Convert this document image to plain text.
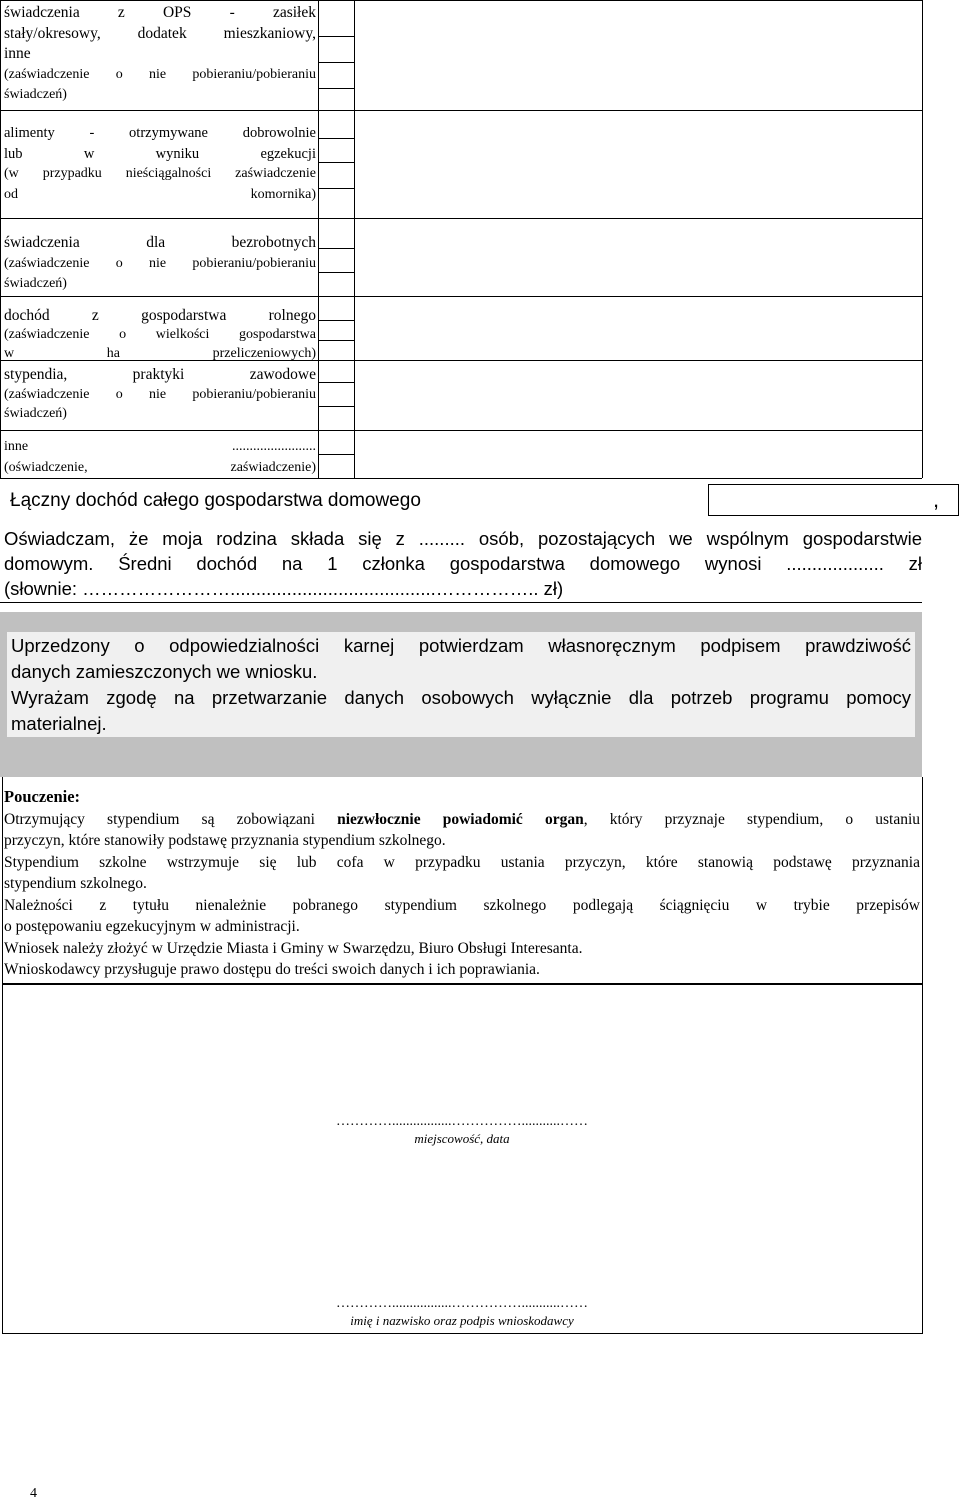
świadczenia z OPS - zasiłek
stały/okresowy, dodatek mieszkaniowy,
inne
(zaświadczenie o nie pobieraniu/pobieraniu
świadczeń)
alimenty - otrzymywane dobrowolnie
lub w wyniku egzekucji
(w przypadku nieściągalności zaświadczenie
od komornika)
świadczenia dla bezrobotnych
(zaświadczenie o nie pobieraniu/pobieraniu
świadczeń)
dochód z gospodarstwa rolnego
(zaświadczenie o wielkości gospodarstwa
w ha przeliczeniowych)
stypendia, praktyki zawodowe
(zaświadczenie o nie pobieraniu/pobieraniu
świadczeń)
inne ........................
(oświadczenie, zaświadczenie)
Łączny dochód całego gospodarstwa domowego	,
Oświadczam, że moja rodzina składa się z ......... osób, pozostających we wspólnym gospodarstwie
domowym. Średni dochód na 1 członka gospodarstwa domowego wynosi ................... zł
(słownie: ……………………........................................…………….. zł)
Uprzedzony o odpowiedzialności karnej potwierdzam własnoręcznym podpisem prawdziwość
danych zamieszczonych we wniosku.
Wyrażam zgodę na przetwarzanie danych osobowych wyłącznie dla potrzeb programu pomocy
materialnej.
Pouczenie:
Otrzymujący stypendium są zobowiązani niezwłocznie powiadomić organ, który przyznaje stypendium, o ustaniu
przyczyn, które stanowiły podstawę przyznania stypendium szkolnego.
Stypendium szkolne wstrzymuje się lub cofa w przypadku ustania przyczyn, które stanowią podstawę przyznania
stypendium szkolnego.
Należności z tytułu nienależnie pobranego stypendium szkolnego podlegają ściągnięciu w trybie przepisów
o postępowaniu egzekucyjnym w administracji.
Wniosek należy złożyć w Urzędzie Miasta i Gminy w Swarzędzu, Biuro Obsługi Interesanta.
Wnioskodawcy przysługuje prawo dostępu do treści swoich danych i ich poprawiania.
………….................……………...........……
miejscowość, data
………….................……………...........……
imię i nazwisko oraz podpis wnioskodawcy
4
